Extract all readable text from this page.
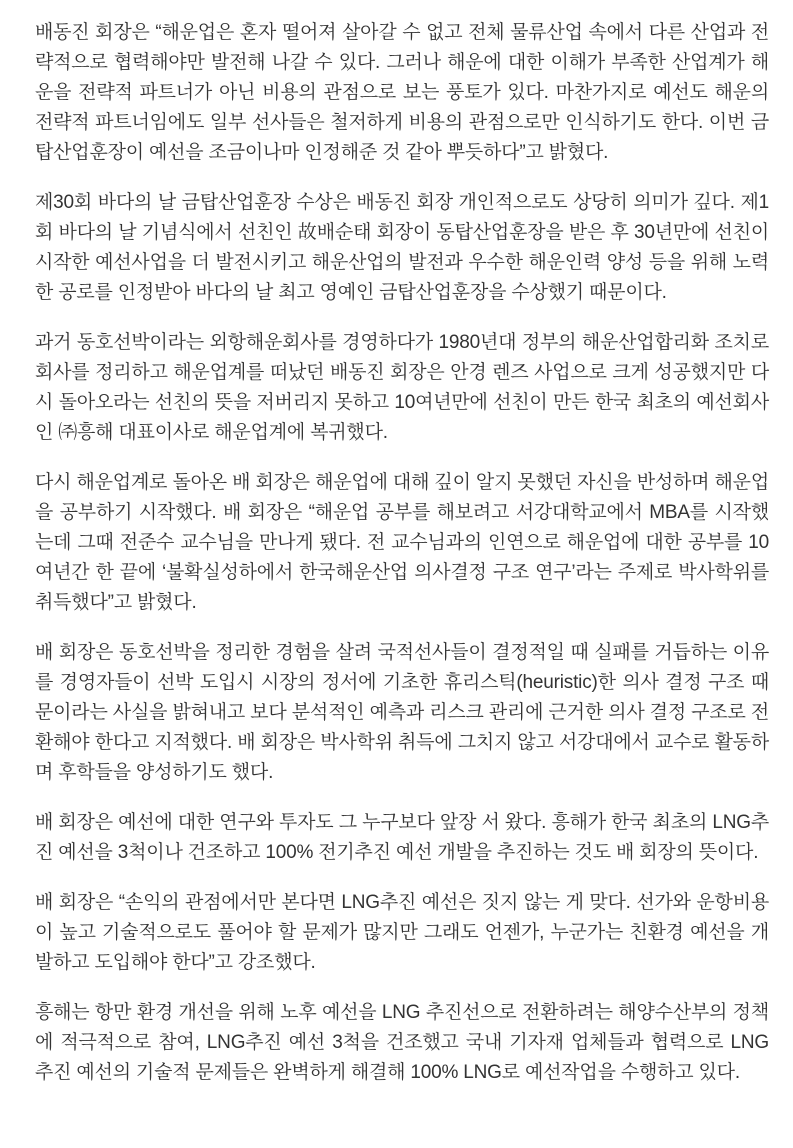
배동진 회장은 “해운업은 혼자 떨어져 살아갈 수 없고 전체 물류산업 속에서 다른 산업과 전략적으로 협력해야만 발전해 나갈 수 있다. 그러나 해운에 대한 이해가 부족한 산업계가 해운을 전략적 파트너가 아닌 비용의 관점으로 보는 풍토가 있다. 마찬가지로 예선도 해운의 전략적 파트너임에도 일부 선사들은 철저하게 비용의 관점으로만 인식하기도 한다. 이번 금탑산업훈장이 예선을 조금이나마 인정해준 것 같아 뿌듯하다”고 밝혔다.

제30회 바다의 날 금탑산업훈장 수상은 배동진 회장 개인적으로도 상당히 의미가 깊다. 제1회 바다의 날 기념식에서 선친인 故배순태 회장이 동탑산업훈장을 받은 후 30년만에 선친이 시작한 예선사업을 더 발전시키고 해운산업의 발전과 우수한 해운인력 양성 등을 위해 노력한 공로를 인정받아 바다의 날 최고 영예인 금탑산업훈장을 수상했기 때문이다.

과거 동호선박이라는 외항해운회사를 경영하다가 1980년대 정부의 해운산업합리화 조치로 회사를 정리하고 해운업계를 떠났던 배동진 회장은 안경 렌즈 사업으로 크게 성공했지만 다시 돌아오라는 선친의 뜻을 저버리지 못하고 10여년만에 선친이 만든 한국 최초의 예선회사인 ㈜흥해 대표이사로 해운업계에 복귀했다.

다시 해운업계로 돌아온 배 회장은 해운업에 대해 깊이 알지 못했던 자신을 반성하며 해운업을 공부하기 시작했다. 배 회장은 “해운업 공부를 해보려고 서강대학교에서 MBA를 시작했는데 그때 전준수 교수님을 만나게 됐다. 전 교수님과의 인연으로 해운업에 대한 공부를 10여년간 한 끝에 ‘불확실성하에서 한국해운산업 의사결정 구조 연구’라는 주제로 박사학위를 취득했다”고 밝혔다.

배 회장은 동호선박을 정리한 경험을 살려 국적선사들이 결정적일 때 실패를 거듭하는 이유를 경영자들이 선박 도입시 시장의 정서에 기초한 휴리스틱(heuristic)한 의사 결정 구조 때문이라는 사실을 밝혀내고 보다 분석적인 예측과 리스크 관리에 근거한 의사 결정 구조로 전환해야 한다고 지적했다. 배 회장은 박사학위 취득에 그치지 않고 서강대에서 교수로 활동하며 후학들을 양성하기도 했다.

배 회장은 예선에 대한 연구와 투자도 그 누구보다 앞장 서 왔다. 흥해가 한국 최초의 LNG추진 예선을 3척이나 건조하고 100% 전기추진 예선 개발을 추진하는 것도 배 회장의 뜻이다.

배 회장은 “손익의 관점에서만 본다면 LNG추진 예선은 짓지 않는 게 맞다. 선가와 운항비용이 높고 기술적으로도 풀어야 할 문제가 많지만 그래도 언젠가, 누군가는 친환경 예선을 개발하고 도입해야 한다”고 강조했다.

흥해는 항만 환경 개선을 위해 노후 예선을 LNG 추진선으로 전환하려는 해양수산부의 정책에 적극적으로 참여, LNG추진 예선 3척을 건조했고 국내 기자재 업체들과 협력으로 LNG 추진 예선의 기술적 문제들은 완벽하게 해결해 100% LNG로 예선작업을 수행하고 있다.
